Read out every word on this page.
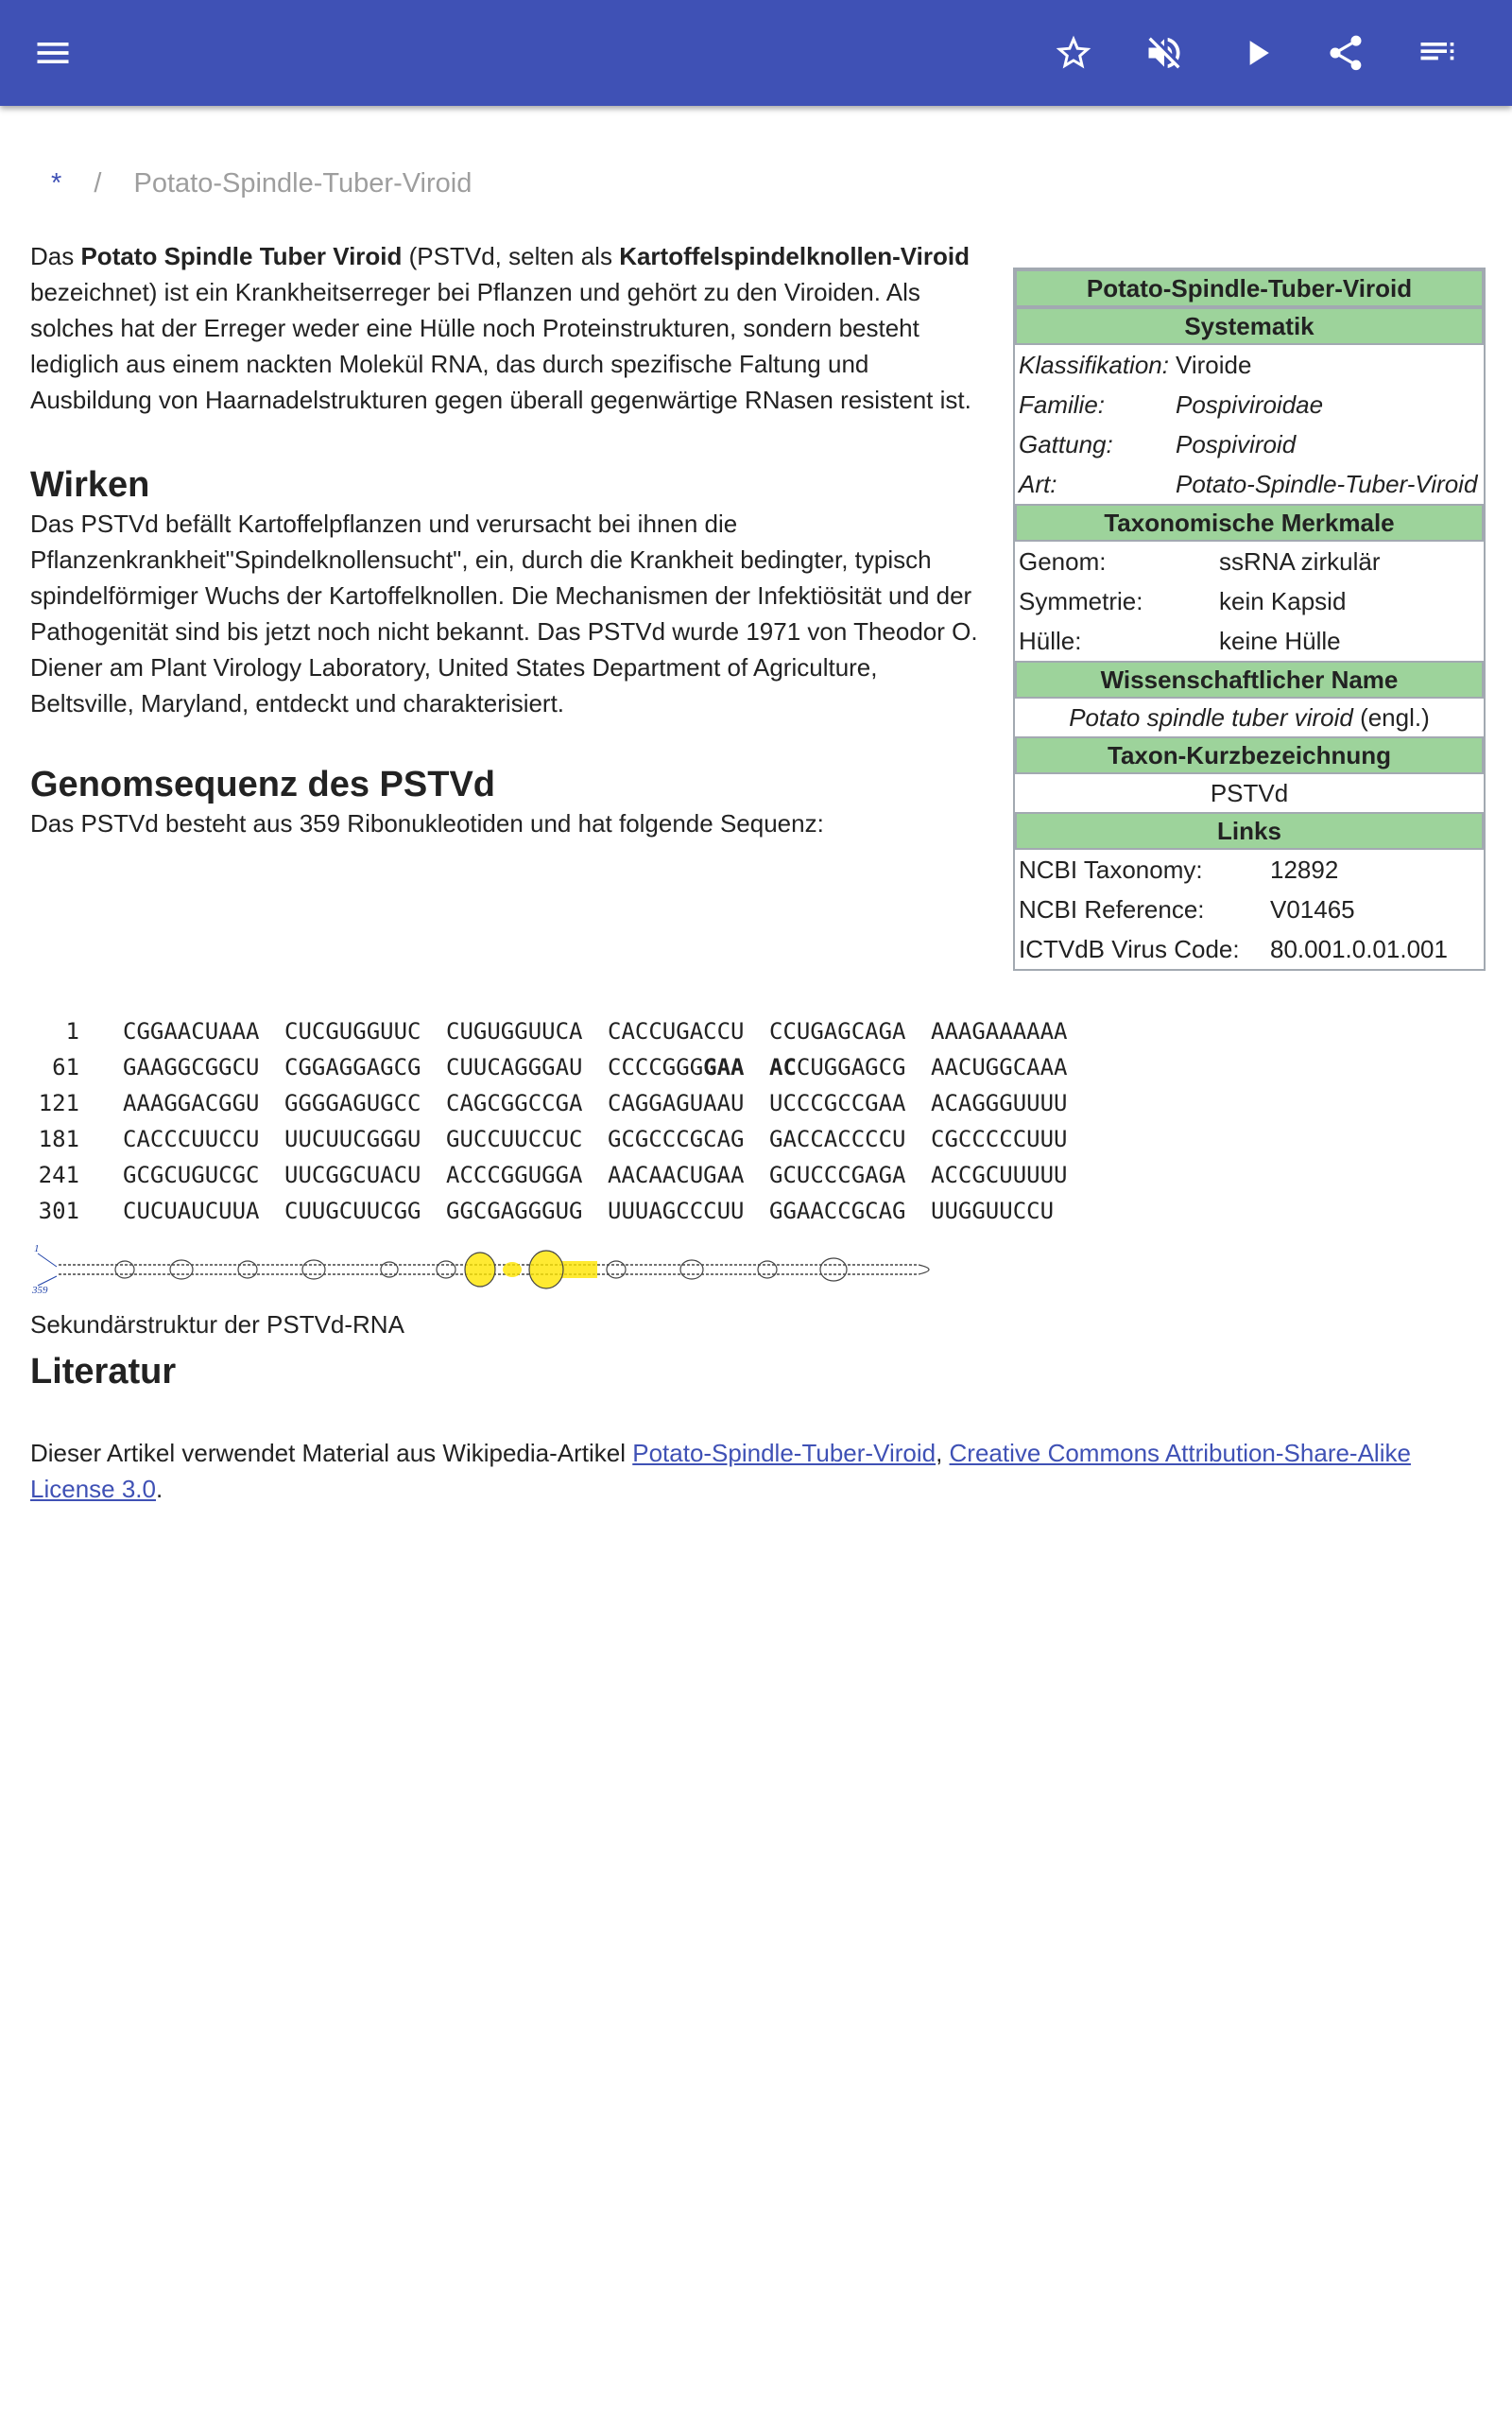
* / Potato-Spindle-Tuber-Viroid

Das Potato Spindle Tuber Viroid (PSTVd, selten als Kartoffelspindelknollen-Viroid bezeichnet) ist ein Krankheitserreger bei Pflanzen und gehört zu den Viroiden. Als solches hat der Erreger weder eine Hülle noch Proteinstrukturen, sondern besteht lediglich aus einem nackten Molekül RNA, das durch spezifische Faltung und Ausbildung von Haarnadelstrukturen gegen überall gegenwärtige RNasen resistent ist.

Wirken

Das PSTVd befällt Kartoffelpflanzen und verursacht bei ihnen die Pflanzenkrankheit"Spindelknollensucht", ein, durch die Krankheit bedingter, typisch spindelförmiger Wuchs der Kartoffelknollen. Die Mechanismen der Infektiösität und der Pathogenität sind bis jetzt noch nicht bekannt. Das PSTVd wurde 1971 von Theodor O. Diener am Plant Virology Laboratory, United States Department of Agriculture, Beltsville, Maryland, entdeckt und charakterisiert.

Genomsequenz des PSTVd

Das PSTVd besteht aus 359 Ribonukleotiden und hat folgende Sequenz:

Potato-Spindle-Tuber-Viroid
Systematik
Klassifikation: Viroide
Familie:	Pospiviroidae
Gattung:	Pospiviroid
Art:	Potato-Spindle-Tuber-Viroid
Taxonomische Merkmale
Genom:	ssRNA zirkulär
Symmetrie:	kein Kapsid
Hülle:	keine Hülle
Wissenschaftlicher Name
Potato spindle tuber viroid (engl.)
Taxon-Kurzbezeichnung
PSTVd
Links
NCBI Taxonomy:	12892
NCBI Reference:	V01465
ICTVdB Virus Code:	80.001.0.01.001
1 CGGAACUAAA	CUCGUGGUUC	CUGUGGUUCA	CACCUGACCU	CCUGAGCAGA	AAAGAAAAAA
61 GAAGGCGGCU	CGGAGGAGCG	CUUCAGGGAU	CCCCGGGGAA	ACCUGGAGCG	AACUGGCAAA
121 AAAGGACGGU	GGGGAGUGCC	CAGCGGCCGA	CAGGAGUAAU	UCCCGCCGAA	ACAGGGUUUU
181 CACCCUUCCU	UUCUUCGGGU	GUCCUUCCUC	GCGCCCGCAG	GACCACCCCU	CGCCCCCUUU
241 GCGCUGUCGC	UUCGGCUACU	ACCCGGUGGA	AACAACUGAA	GCUCCCGAGA	ACCGCUUUUU
301 CUCUAUCUUA	CUUGCUUCGG	GGCGAGGGUG	UUUAGCCCUU	GGAACCGCAG	UUGGUUCCU
1
359
Sekundärstruktur der PSTVd-RNA
Literatur

Dieser Artikel verwendet Material aus Wikipedia-Artikel Potato-Spindle-Tuber-Viroid, Creative Commons Attribution-Share-Alike License 3.0.
